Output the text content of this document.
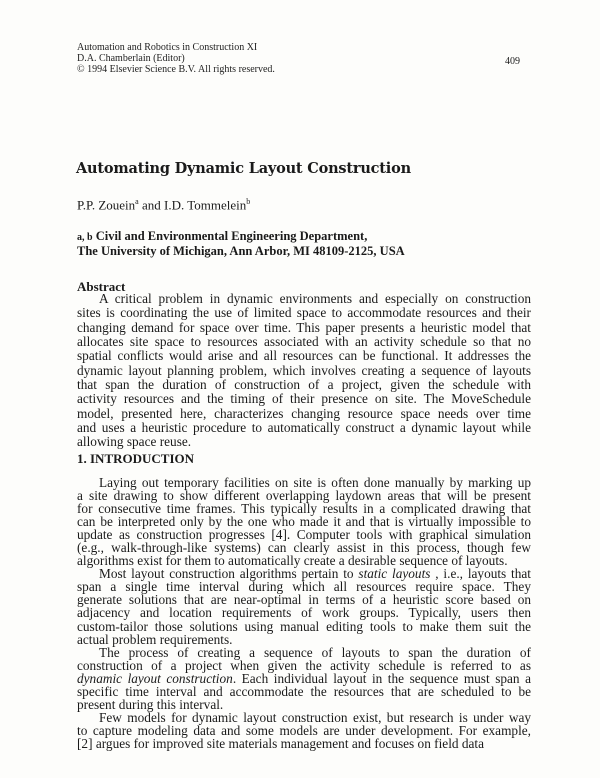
Automation and Robotics in Construction XI
D.A. Chamberlain (Editor)
© 1994 Elsevier Science B.V. All rights reserved.
409
Automating Dynamic Layout Construction
P.P. Zouein$^a$ and I.D. Tommelein$^b$
a, b Civil and Environmental Engineering Department,
The University of Michigan, Ann Arbor, MI 48109-2125, USA
Abstract
A critical problem in dynamic environments and especially on construction
sites is coordinating the use of limited space to accommodate resources and their
changing demand for space over time. This paper presents a heuristic model that
allocates site space to resources associated with an activity schedule so that no
spatial conflicts would arise and all resources can be functional. It addresses the
dynamic layout planning problem, which involves creating a sequence of layouts
that span the duration of construction of a project, given the schedule with
activity resources and the timing of their presence on site. The MoveSchedule
model, presented here, characterizes changing resource space needs over time
and uses a heuristic procedure to automatically construct a dynamic layout while
allowing space reuse.
1. INTRODUCTION
Laying out temporary facilities on site is often done manually by marking up
a site drawing to show different overlapping laydown areas that will be present
for consecutive time frames. This typically results in a complicated drawing that
can be interpreted only by the one who made it and that is virtually impossible to
update as construction progresses [4]. Computer tools with graphical simulation
(e.g., walk-through-like systems) can clearly assist in this process, though few
algorithms exist for them to automatically create a desirable sequence of layouts.
Most layout construction algorithms pertain to static layouts , i.e., layouts that
span a single time interval during which all resources require space. They
generate solutions that are near-optimal in terms of a heuristic score based on
adjacency and location requirements of work groups. Typically, users then
custom-tailor those solutions using manual editing tools to make them suit the
actual problem requirements.
The process of creating a sequence of layouts to span the duration of
construction of a project when given the activity schedule is referred to as
dynamic layout construction. Each individual layout in the sequence must span a
specific time interval and accommodate the resources that are scheduled to be
present during this interval.
Few models for dynamic layout construction exist, but research is under way
to capture modeling data and some models are under development. For example,
[2] argues for improved site materials management and focuses on field data
